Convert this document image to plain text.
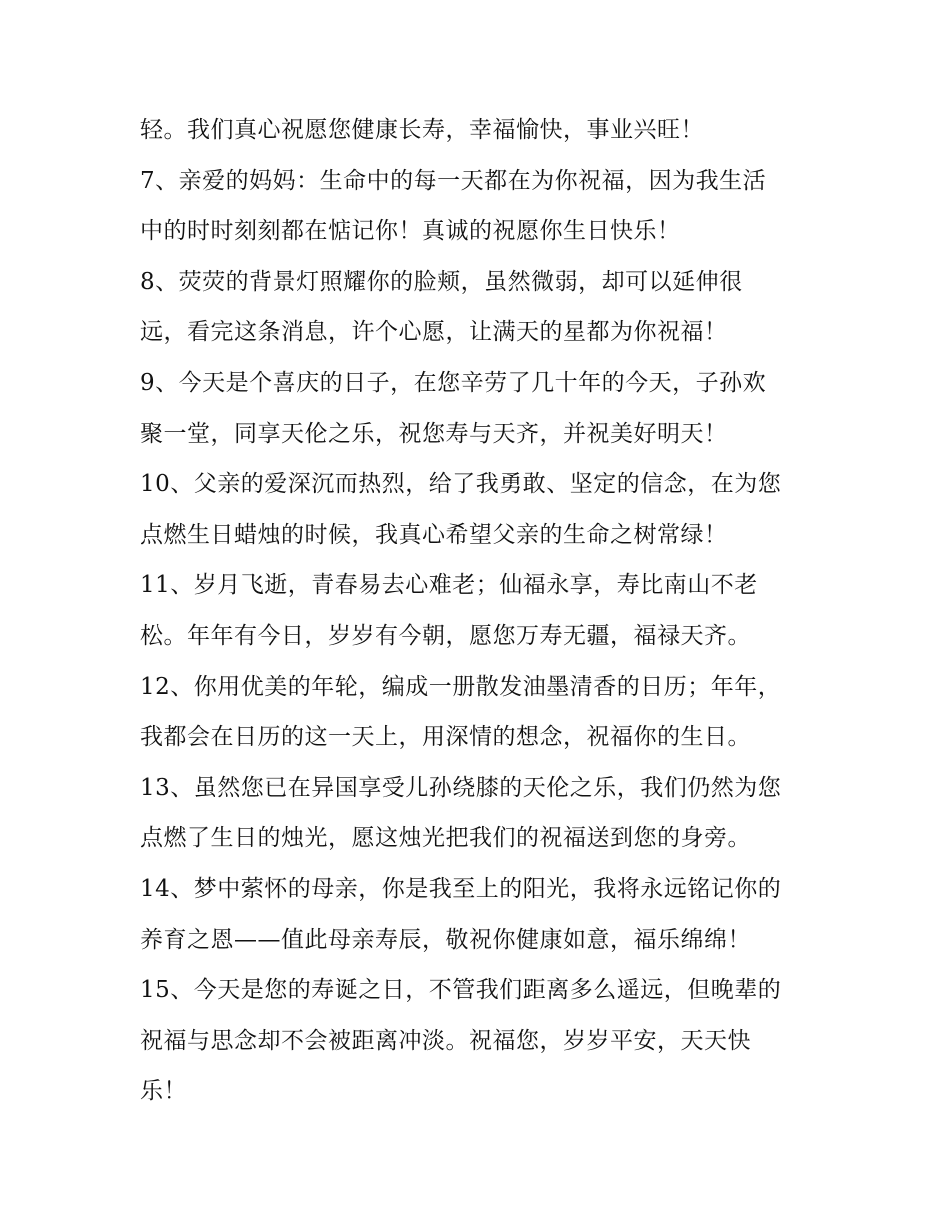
轻。我们真心祝愿您健康长寿，幸福愉快，事业兴旺！
7、亲爱的妈妈：生命中的每一天都在为你祝福，因为我生活
中的时时刻刻都在惦记你！真诚的祝愿你生日快乐！
8、荧荧的背景灯照耀你的脸颊，虽然微弱，却可以延伸很
远，看完这条消息，许个心愿，让满天的星都为你祝福！
9、今天是个喜庆的日子，在您辛劳了几十年的今天，子孙欢
聚一堂，同享天伦之乐，祝您寿与天齐，并祝美好明天！
10、父亲的爱深沉而热烈，给了我勇敢、坚定的信念，在为您
点燃生日蜡烛的时候，我真心希望父亲的生命之树常绿！
11、岁月飞逝，青春易去心难老；仙福永享，寿比南山不老
松。年年有今日，岁岁有今朝，愿您万寿无疆，福禄天齐。
12、你用优美的年轮，编成一册散发油墨清香的日历；年年，
我都会在日历的这一天上，用深情的想念，祝福你的生日。
13、虽然您已在异国享受儿孙绕膝的天伦之乐，我们仍然为您
点燃了生日的烛光，愿这烛光把我们的祝福送到您的身旁。
14、梦中萦怀的母亲，你是我至上的阳光，我将永远铭记你的
养育之恩——值此母亲寿辰，敬祝你健康如意，福乐绵绵！
15、今天是您的寿诞之日，不管我们距离多么遥远，但晚辈的
祝福与思念却不会被距离冲淡。祝福您，岁岁平安，天天快
乐！
